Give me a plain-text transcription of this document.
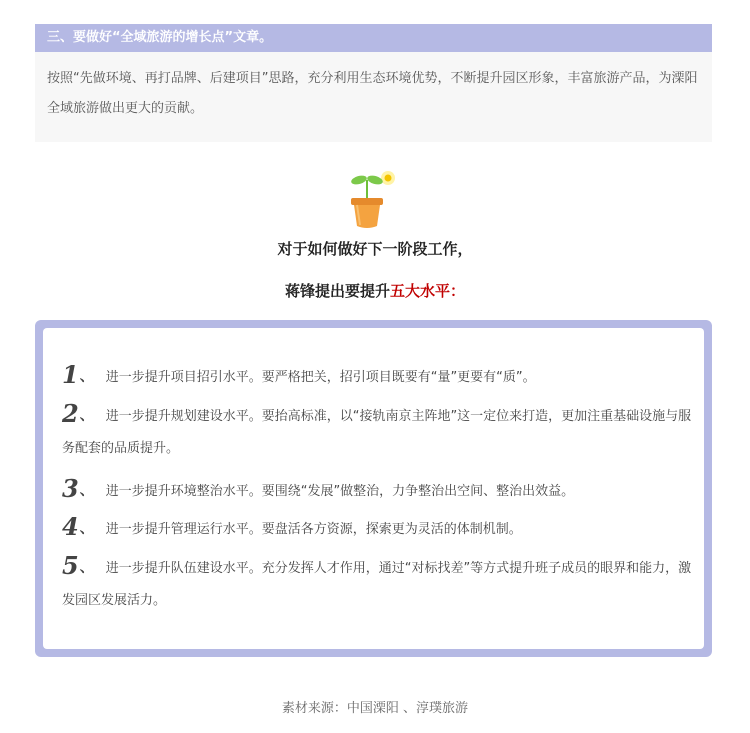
三、要做好“全域旅游的增长点”文章。
按照“先做环境、再打品牌、后建项目”思路，充分利用生态环境优势，不断提升园区形象，丰富旅游产品，为溧阳全域旅游做出更大的贡献。
对于如何做好下一阶段工作，
蒋锋提出要提升五大水平：
1、 进一步提升项目招引水平。要严格把关，招引项目既要有“量”更要有“质”。
2、 进一步提升规划建设水平。要抬高标准，以“接轨南京主阵地”这一定位来打造，更加注重基础设施与服务配套的品质提升。
3、 进一步提升环境整治水平。要围绕“发展”做整治，力争整治出空间、整治出效益。
4、 进一步提升管理运行水平。要盘活各方资源，探索更为灵活的体制机制。
5、 进一步提升队伍建设水平。充分发挥人才作用，通过“对标找差”等方式提升班子成员的眼界和能力，激发园区发展活力。
素材来源：中国溧阳 、淳璞旅游
